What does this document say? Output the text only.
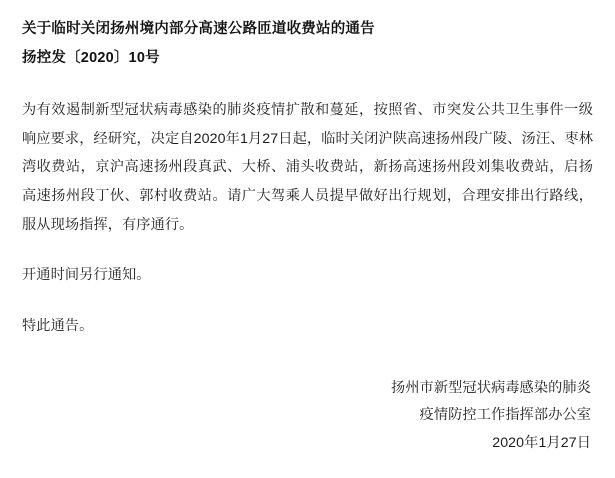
关于临时关闭扬州境内部分高速公路匝道收费站的通告
扬控发〔2020〕10号
为有效遏制新型冠状病毒感染的肺炎疫情扩散和蔓延，按照省、市突发公共卫生事件一级响应要求，经研究，决定自2020年1月27日起，临时关闭沪陕高速扬州段广陵、汤汪、枣林湾收费站，京沪高速扬州段真武、大桥、浦头收费站，新扬高速扬州段刘集收费站，启扬高速扬州段丁伙、郭村收费站。请广大驾乘人员提早做好出行规划，合理安排出行路线，服从现场指挥，有序通行。
开通时间另行通知。
特此通告。
扬州市新型冠状病毒感染的肺炎
疫情防控工作指挥部办公室
2020年1月27日
